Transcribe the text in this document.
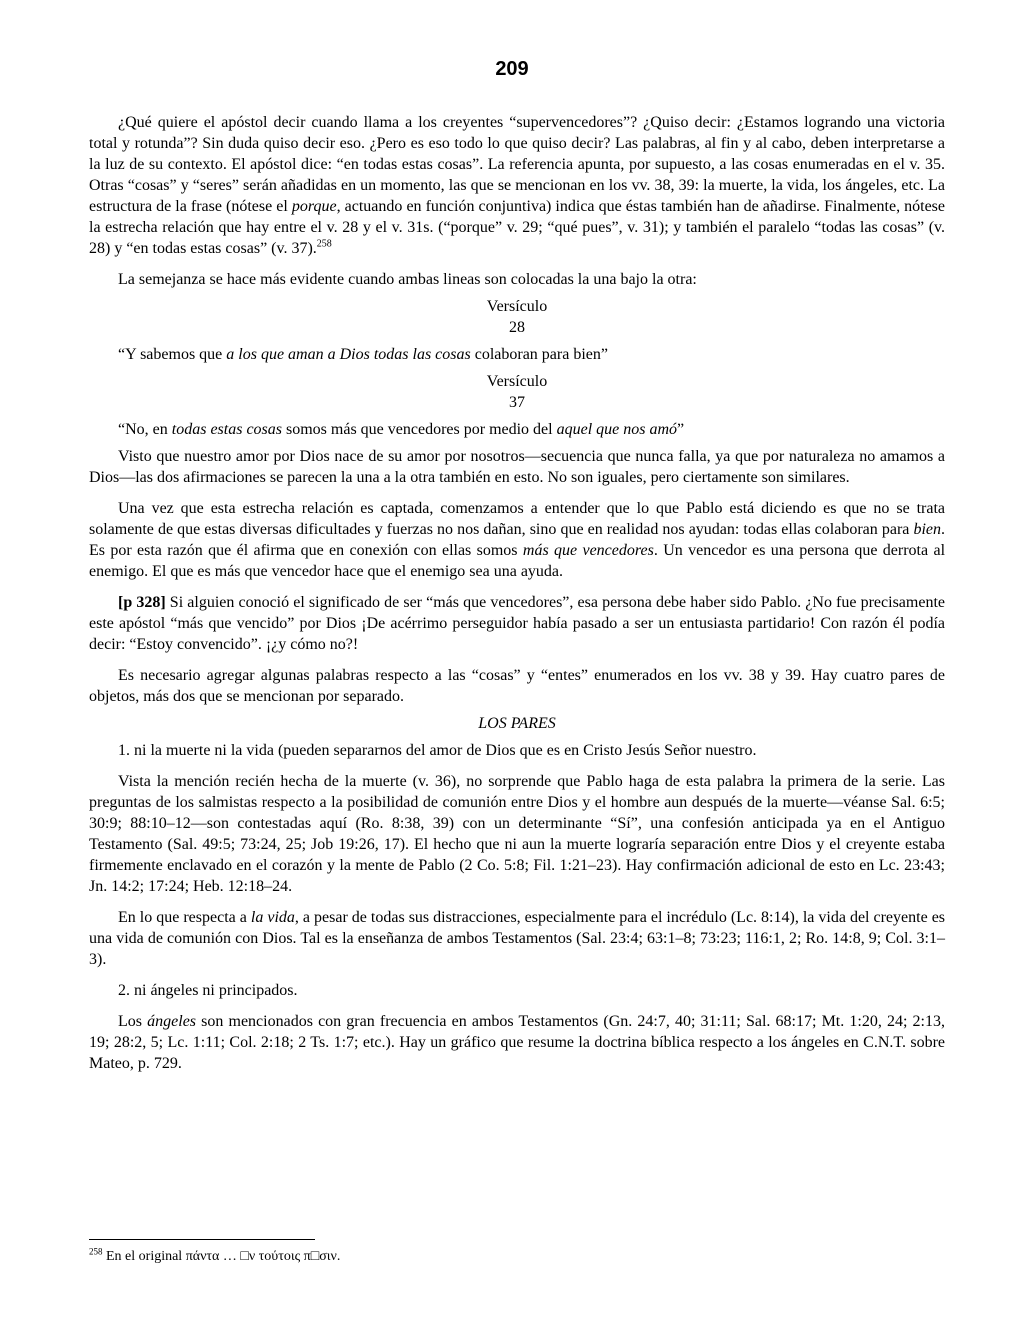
209

¿Qué quiere el apóstol decir cuando llama a los creyentes “supervencedores”? ¿Quiso decir: ¿Estamos logrando una victoria total y rotunda”? Sin duda quiso decir eso. ¿Pero es eso todo lo que quiso decir? Las palabras, al fin y al cabo, deben interpretarse a la luz de su contexto. El apóstol dice: “en todas estas cosas”. La referencia apunta, por supuesto, a las cosas enumeradas en el v. 35. Otras “cosas” y “seres” serán añadidas en un momento, las que se mencionan en los vv. 38, 39: la muerte, la vida, los ángeles, etc. La estructura de la frase (nótese el porque, actuando en función conjuntiva) indica que éstas también han de añadirse. Finalmente, nótese la estrecha relación que hay entre el v. 28 y el v. 31s. (“porque” v. 29; “qué pues”, v. 31); y también el paralelo “todas las cosas” (v. 28) y “en todas estas cosas” (v. 37).$^{258}$

La semejanza se hace más evidente cuando ambas lineas son colocadas la una bajo la otra:

Versículo
28

“Y sabemos que a los que aman a Dios todas las cosas colaboran para bien”

Versículo
37

“No, en todas estas cosas somos más que vencedores por medio del aquel que nos amó”

Visto que nuestro amor por Dios nace de su amor por nosotros—secuencia que nunca falla, ya que por naturaleza no amamos a Dios—las dos afirmaciones se parecen la una a la otra también en esto. No son iguales, pero ciertamente son similares.

Una vez que esta estrecha relación es captada, comenzamos a entender que lo que Pablo está diciendo es que no se trata solamente de que estas diversas dificultades y fuerzas no nos dañan, sino que en realidad nos ayudan: todas ellas colaboran para bien. Es por esta razón que él afirma que en conexión con ellas somos más que vencedores. Un vencedor es una persona que derrota al enemigo. El que es más que vencedor hace que el enemigo sea una ayuda.

[p 328] Si alguien conoció el significado de ser “más que vencedores”, esa persona debe haber sido Pablo. ¿No fue precisamente este apóstol “más que vencido” por Dios ¡De acérrimo perseguidor había pasado a ser un entusiasta partidario! Con razón él podía decir: “Estoy convencido”. ¡¿y cómo no?!

Es necesario agregar algunas palabras respecto a las “cosas” y “entes” enumerados en los vv. 38 y 39. Hay cuatro pares de objetos, más dos que se mencionan por separado.

LOS PARES

1. ni la muerte ni la vida (pueden separarnos del amor de Dios que es en Cristo Jesús Señor nuestro.

Vista la mención recién hecha de la muerte (v. 36), no sorprende que Pablo haga de esta palabra la primera de la serie. Las preguntas de los salmistas respecto a la posibilidad de comunión entre Dios y el hombre aun después de la muerte—véanse Sal. 6:5; 30:9; 88:10–12—son contestadas aquí (Ro. 8:38, 39) con un determinante “Sí”, una confesión anticipada ya en el Antiguo Testamento (Sal. 49:5; 73:24, 25; Job 19:26, 17). El hecho que ni aun la muerte lograría separación entre Dios y el creyente estaba firmemente enclavado en el corazón y la mente de Pablo (2 Co. 5:8; Fil. 1:21–23). Hay confirmación adicional de esto en Lc. 23:43; Jn. 14:2; 17:24; Heb. 12:18–24.

En lo que respecta a la vida, a pesar de todas sus distracciones, especialmente para el incrédulo (Lc. 8:14), la vida del creyente es una vida de comunión con Dios. Tal es la enseñanza de ambos Testamentos (Sal. 23:4; 63:1–8; 73:23; 116:1, 2; Ro. 14:8, 9; Col. 3:1–3).

2. ni ángeles ni principados.

Los ángeles son mencionados con gran frecuencia en ambos Testamentos (Gn. 24:7, 40; 31:11; Sal. 68:17; Mt. 1:20, 24; 2:13, 19; 28:2, 5; Lc. 1:11; Col. 2:18; 2 Ts. 1:7; etc.). Hay un gráfico que resume la doctrina bíblica respecto a los ángeles en C.N.T. sobre Mateo, p. 729.

$^{258}$ En el original πάντα … □ν τούτοις π□σιν.
